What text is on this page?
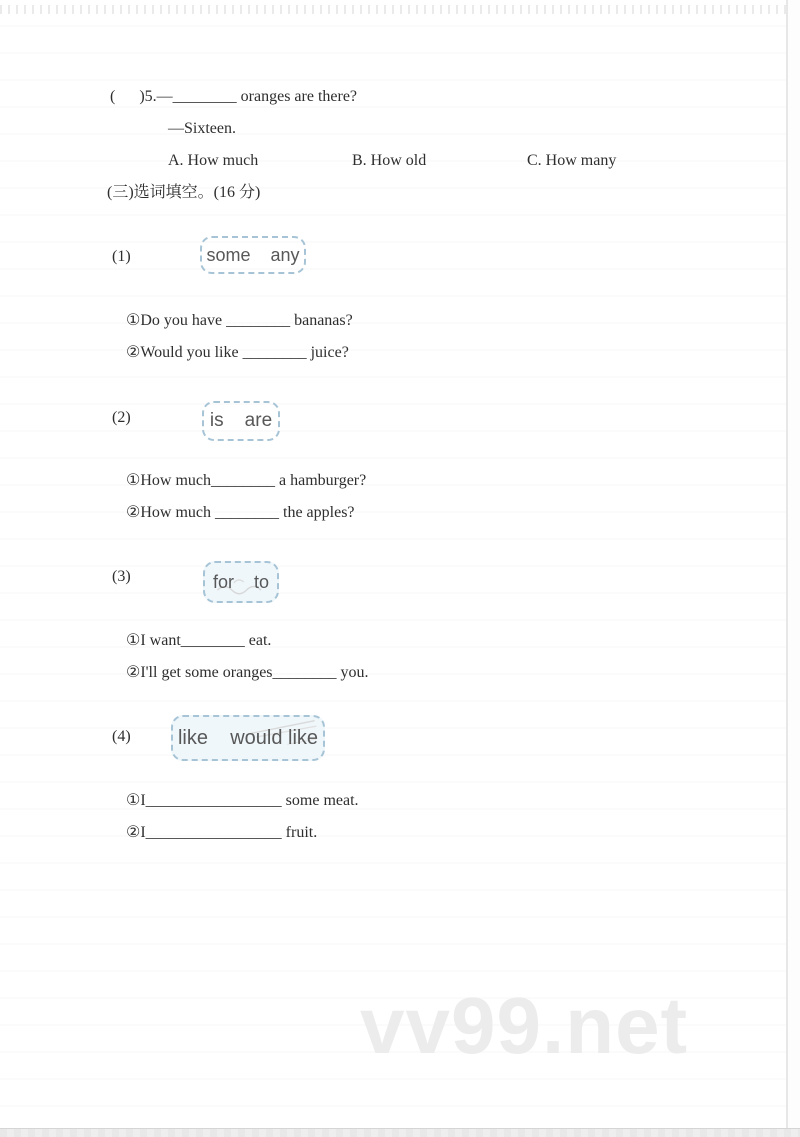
(      )5.—________ oranges are there?
—Sixteen.
A. How much	B. How old	C. How many
(三)选词填空。(16 分)
(1)	some    any
①Do you have ________ bananas?
②Would you like ________ juice?
(2)	is    are
①How much________ a hamburger?
②How much ________ the apples?
(3)	for    to
①I want________ eat.
②I'll get some oranges________ you.
(4) like    would like
①I_________________ some meat.
②I_________________ fruit.
vv99.net
